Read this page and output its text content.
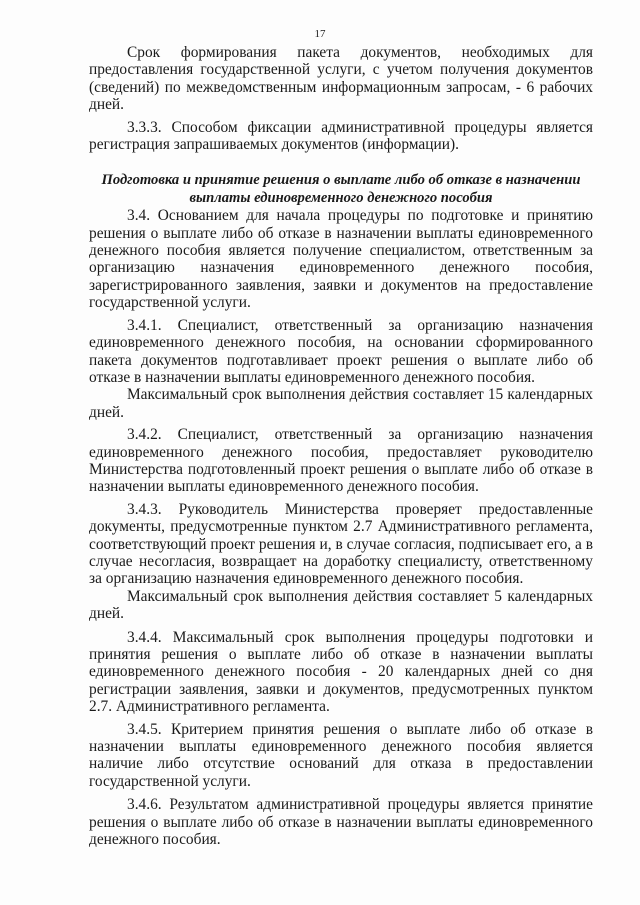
17

Срок формирования пакета документов, необходимых для предоставления государственной услуги, с учетом получения документов (сведений) по межведомственным информационным запросам, - 6 рабочих дней.

3.3.3. Способом фиксации административной процедуры является регистрация запрашиваемых документов (информации).

Подготовка и принятие решения о выплате либо об отказе в назначении выплаты единовременного денежного пособия

3.4. Основанием для начала процедуры по подготовке и принятию решения о выплате либо об отказе в назначении выплаты единовременного денежного пособия является получение специалистом, ответственным за организацию назначения единовременного денежного пособия, зарегистрированного заявления, заявки и документов на предоставление государственной услуги.

3.4.1. Специалист, ответственный за организацию назначения единовременного денежного пособия, на основании сформированного пакета документов подготавливает проект решения о выплате либо об отказе в назначении выплаты единовременного денежного пособия.

Максимальный срок выполнения действия составляет 15 календарных дней.

3.4.2. Специалист, ответственный за организацию назначения единовременного денежного пособия, предоставляет руководителю Министерства подготовленный проект решения о выплате либо об отказе в назначении выплаты единовременного денежного пособия.

3.4.3. Руководитель Министерства проверяет предоставленные документы, предусмотренные пунктом 2.7 Административного регламента, соответствующий проект решения и, в случае согласия, подписывает его, а в случае несогласия, возвращает на доработку специалисту, ответственному за организацию назначения единовременного денежного пособия.

Максимальный срок выполнения действия составляет 5 календарных дней.

3.4.4. Максимальный срок выполнения процедуры подготовки и принятия решения о выплате либо об отказе в назначении выплаты единовременного денежного пособия - 20 календарных дней со дня регистрации заявления, заявки и документов, предусмотренных пунктом 2.7. Административного регламента.

3.4.5. Критерием принятия решения о выплате либо об отказе в назначении выплаты единовременного денежного пособия является наличие либо отсутствие оснований для отказа в предоставлении государственной услуги.

3.4.6. Результатом административной процедуры является принятие решения о выплате либо об отказе в назначении выплаты единовременного денежного пособия.
